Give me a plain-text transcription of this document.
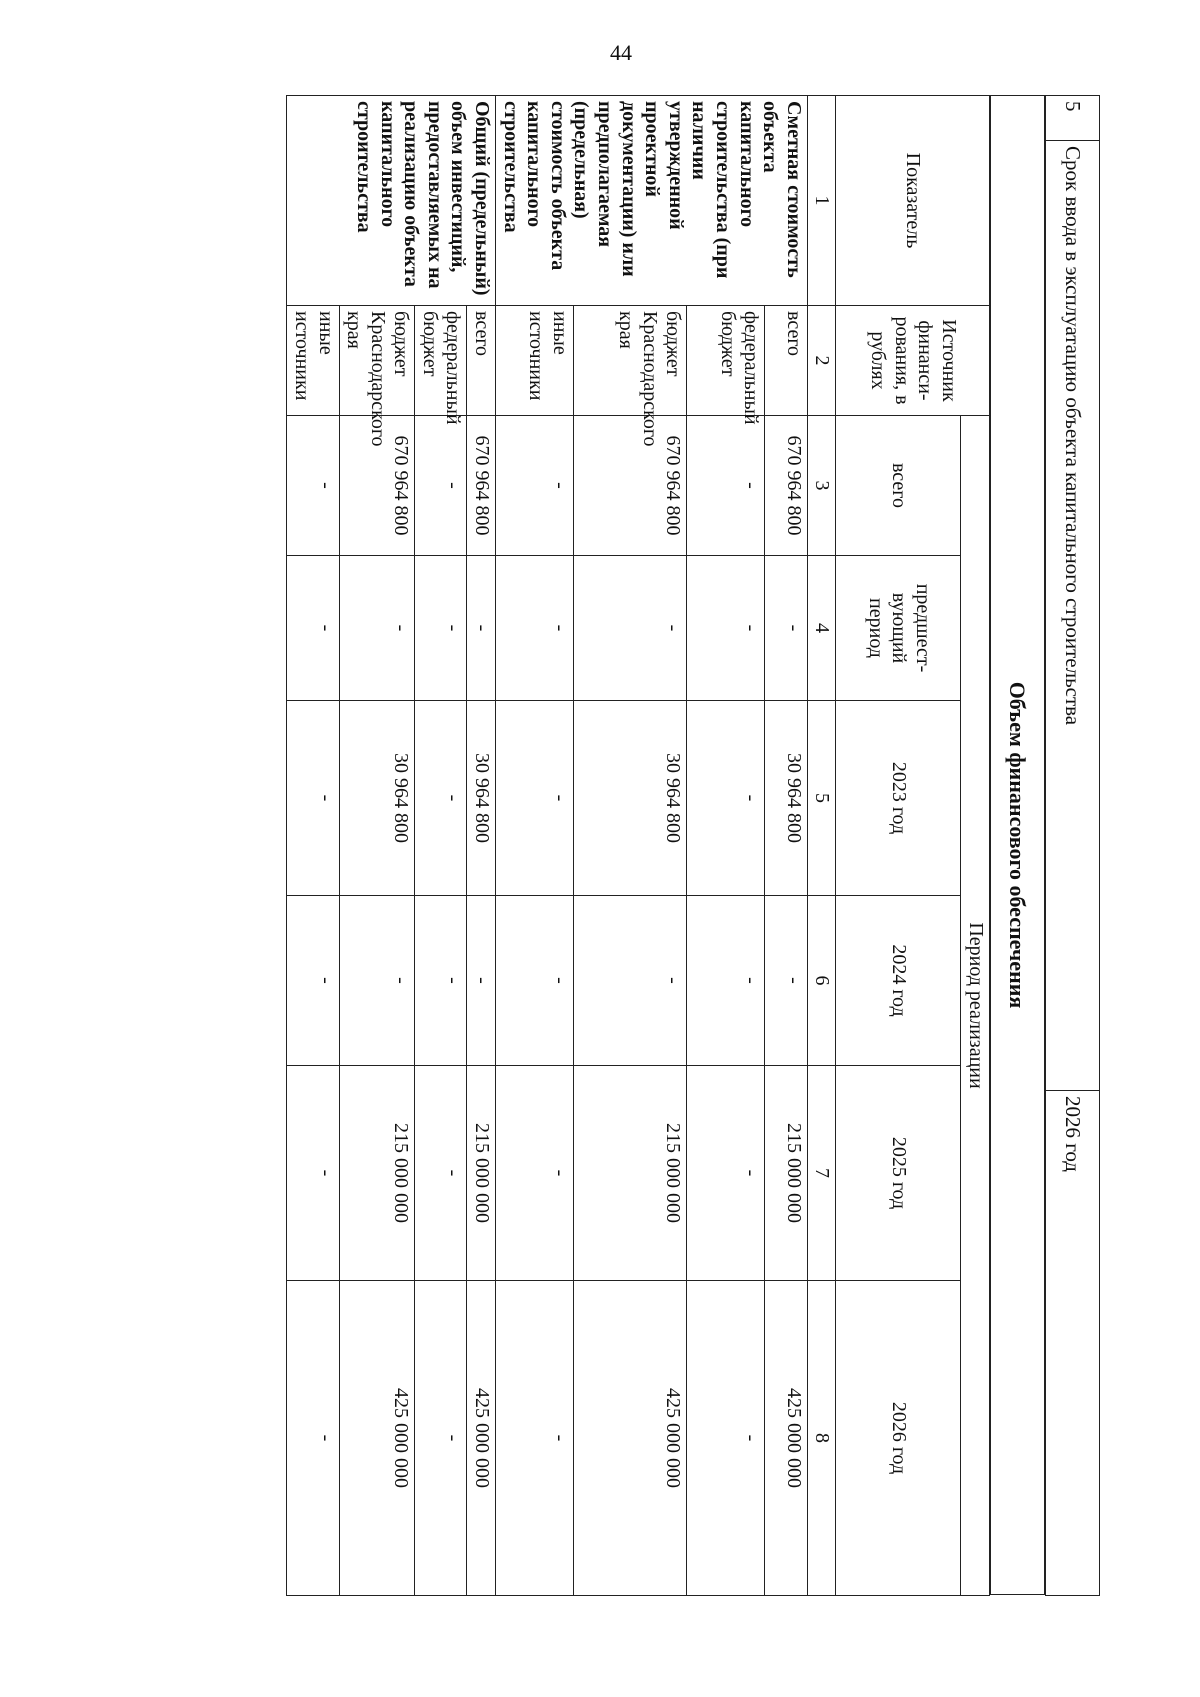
44
5	Срок ввода в эксплуатацию объекта капитального строительства	2026 год
Объем финансового обеспечения
Показатель	Источник финанси- рования, в рублях	Период реализации					
		всего	предшест- вующий период	2023 год	2024 год	2025 год	2026 год
1	2	3	4	5	6	7	8
Сметная стоимость объекта капитального строительства (при наличии утвержденной проектной документации) или предполагаемая (предельная) стоимость объекта капитального строительства	всего	670 964 800	-	30 964 800	-	215 000 000	425 000 000
	федеральный бюджет	-	-	-	-	-	-
	бюджет Краснодарского края	670 964 800	-	30 964 800	-	215 000 000	425 000 000
	иные источники	-	-	-	-	-	-
Общий (предельный) объем инвестиций, предоставляемых на реализацию объекта капитального строительства	всего	670 964 800	-	30 964 800	-	215 000 000	425 000 000
	федеральный бюджет	-	-	-	-	-	-
	бюджет Краснодарского края	670 964 800	-	30 964 800	-	215 000 000	425 000 000
	иные источники	-	-	-	-	-	-
